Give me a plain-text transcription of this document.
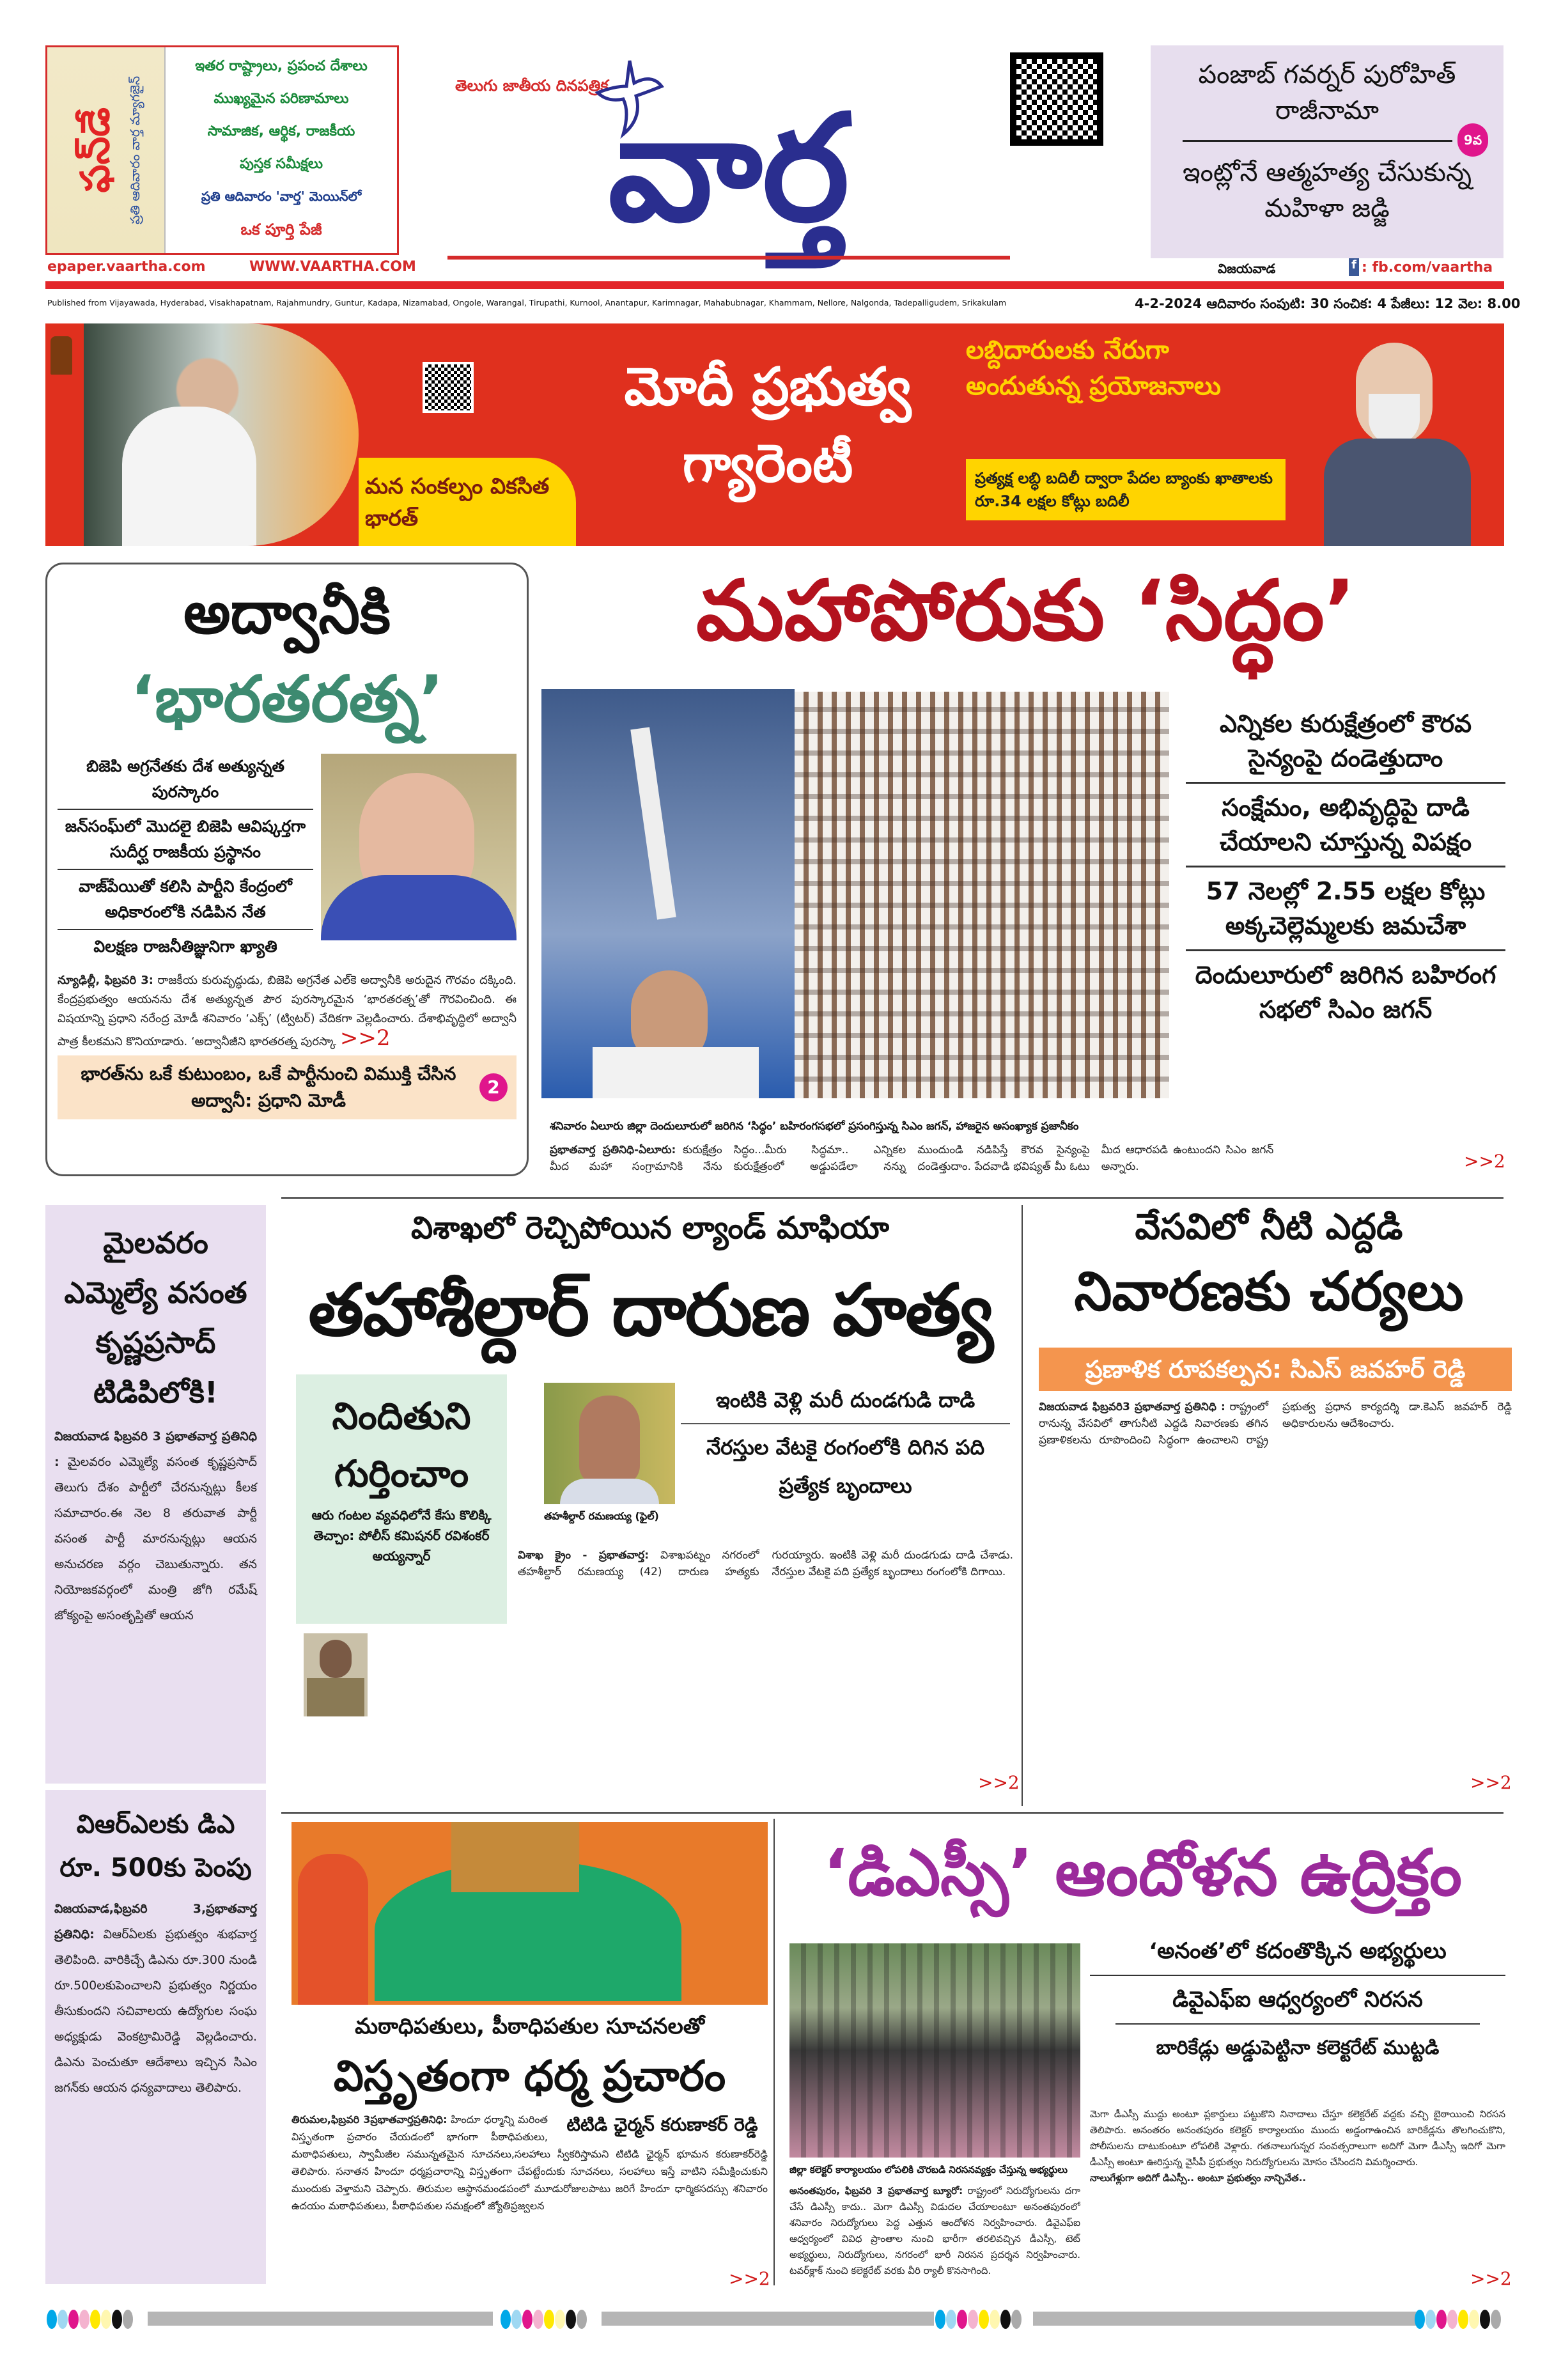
ఫన్‌డే ప్రతి ఆదివారం వార్త మ్యాగజైన్
ఇతర రాష్ట్రాలు, ప్రపంచ దేశాలు
ముఖ్యమైన పరిణామాలు
సామాజిక, ఆర్థిక, రాజకీయ
పుస్తక సమీక్షలు
ప్రతి ఆదివారం 'వార్త' మెయిన్‌లో
ఒక పూర్తి పేజీ
epaper.vaartha.com	WWW.VAARTHA.COM
తెలుగు జాతీయ దినపత్రిక వార్త
పంజాబ్ గవర్నర్ పురోహిత్ రాజీనామా
9వ
ఇంట్లోనే ఆత్మహత్య చేసుకున్న మహిళా జడ్జి
విజయవాడ	f : fb.com/vaartha
Published from Vijayawada, Hyderabad, Visakhapatnam, Rajahmundry, Guntur, Kadapa, Nizamabad, Ongole, Warangal, Tirupathi, Kurnool, Anantapur, Karimnagar, Mahabubnagar, Khammam, Nellore, Nalgonda, Tadepalligudem, Srikakulam	4-2-2024 ఆదివారం సంపుటి: 30 సంచిక: 4 పేజీలు: 12 వెల: 8.00
మన సంకల్పం వికసిత భారత్
మోదీ ప్రభుత్వ గ్యారెంటీ
లబ్దిదారులకు నేరుగా అందుతున్న ప్రయోజనాలు
ప్రత్యక్ష లబ్ధి బదిలీ ద్వారా పేదల బ్యాంకు ఖాతాలకు రూ.34 లక్షల కోట్లు బదిలీ
అద్వానీకి
‘భారతరత్న’
బిజెపి అగ్రనేతకు దేశ అత్యున్నత పురస్కారం
జన్‌సంఘ్‌లో మొదలై బిజెపి ఆవిష్కర్తగా సుదీర్ఘ రాజకీయ ప్రస్థానం
వాజ్‌పేయితో కలిసి పార్టీని కేంద్రంలో అధికారంలోకి నడిపిన నేత
విలక్షణ రాజనీతిజ్ఞునిగా ఖ్యాతి
న్యూఢిల్లీ, ఫిబ్రవరి 3: రాజకీయ కురువృద్ధుడు, బిజెపి అగ్రనేత ఎల్‌కె అద్వానీకి అరుదైన గౌరవం దక్కింది. కేంద్రప్రభుత్వం ఆయనను దేశ అత్యున్నత పౌర పురస్కారమైన ‘భారతరత్న’తో గౌరవించింది. ఈ విషయాన్ని ప్రధాని నరేంద్ర మోడీ శనివారం ‘ఎక్స్’ (ట్విటర్) వేదికగా వెల్లడించారు. దేశాభివృద్ధిలో అద్వానీ పాత్ర కీలకమని కొనియాడారు. ‘అద్వానీజీని భారతరత్న పురస్కా >>2
భారత్‌ను ఒకే కుటుంబం, ఒకే పార్టీనుంచి విముక్తి చేసిన అద్వానీ: ప్రధాని మోడీ
2
మహాపోరుకు ‘సిద్ధం’
శనివారం ఏలూరు జిల్లా దెందులూరులో జరిగిన ‘సిద్ధం’ బహిరంగసభలో ప్రసంగిస్తున్న సిఎం జగన్, హాజరైన అసంఖ్యాక ప్రజానీకం
ఎన్నికల కురుక్షేత్రంలో కౌరవ సైన్యంపై దండెత్తుదాం
సంక్షేమం, అభివృద్ధిపై దాడి చేయాలని చూస్తున్న విపక్షం
57 నెలల్లో 2.55 లక్షల కోట్లు అక్కచెల్లెమ్మలకు జమచేశా
దెందులూరులో జరిగిన బహిరంగ సభలో సిఎం జగన్
ప్రభాతవార్త ప్రతినిధి-ఏలూరు: కురుక్షేత్రం మీద మహా సంగ్రామానికి నేను సిద్ధం...మీరు సిద్ధమా.. ఎన్నికల కురుక్షేత్రంలో అడ్డుపడేలా నన్ను ముందుండి నడిపిస్తే కౌరవ సైన్యంపై దండెత్తుదాం. పేదవాడి భవిష్యత్ మీ ఓటు మీద ఆధారపడి ఉంటుందని సిఎం జగన్ అన్నారు.	>>2
మైలవరం ఎమ్మెల్యే వసంత కృష్ణప్రసాద్ టిడిపిలోకి!
విజయవాడ ఫిబ్రవరి 3 ప్రభాతవార్త ప్రతినిధి : మైలవరం ఎమ్మెల్యే వసంత కృష్ణప్రసాద్ తెలుగు దేశం పార్టీలో చేరనున్నట్లు కీలక సమాచారం.ఈ నెల 8 తరువాత పార్టీ వసంత పార్టీ మారనున్నట్లు ఆయన అనుచరణ వర్గం చెబుతున్నారు. తన నియోజకవర్గంలో మంత్రి జోగి రమేష్ జోక్యంపై అసంతృప్తితో ఆయన
విశాఖలో రెచ్చిపోయిన ల్యాండ్ మాఫియా
తహాశీల్దార్ దారుణ హత్య
నిందితుని గుర్తించాం
ఆరు గంటల వ్యవధిలోనే కేసు కొలిక్కి తెచ్చాం: పోలీస్ కమిషనర్ రవిశంకర్ అయ్యన్నార్
తహశీల్దార్ రమణయ్య (ఫైల్)
ఇంటికి వెళ్లి మరీ దుండగుడి దాడి
నేరస్తుల వేటకై రంగంలోకి దిగిన పది ప్రత్యేక బృందాలు
విశాఖ క్రైం - ప్రభాతవార్త: విశాఖపట్నం నగరంలో తహశీల్దార్ రమణయ్య (42) దారుణ హత్యకు గురయ్యారు. ఇంటికి వెళ్లి మరీ దుండగుడు దాడి చేశాడు. నేరస్తుల వేటకై పది ప్రత్యేక బృందాలు రంగంలోకి దిగాయి.
>>2
వేసవిలో నీటి ఎద్దడి
నివారణకు చర్యలు
ప్రణాళిక రూపకల్పన: సిఎస్ జవహర్ రెడ్డి
విజయవాడ ఫిబ్రవరి3 ప్రభాతవార్త ప్రతినిధి : రాష్ట్రంలో రానున్న వేసవిలో తాగునీటి ఎద్దడి నివారణకు తగిన ప్రణాళికలను రూపొందించి సిద్ధంగా ఉంచాలని రాష్ట్ర ప్రభుత్వ ప్రధాన కార్యదర్శి డా.కెఎస్ జవహర్ రెడ్డి అధికారులను ఆదేశించారు.
>>2
విఆర్ఎలకు డిఎ రూ. 500కు పెంపు
విజయవాడ,ఫిబ్రవరి 3,ప్రభాతవార్త ప్రతినిధి: విఆర్ఏలకు ప్రభుత్వం శుభవార్త తెలిపింది. వారికిచ్చే డిఎను రూ.300 నుండి రూ.500లకుపెంచాలని ప్రభుత్వం నిర్ణయం తీసుకుందని సచివాలయ ఉద్యోగుల సంఘ అధ్యక్షుడు వెంకట్రామిరెడ్డి వెల్లడించారు. డిఎను పెంచుతూ ఆదేశాలు ఇచ్చిన సిఎం జగన్‌కు ఆయన ధన్యవాదాలు తెలిపారు.
మఠాధిపతులు, పీఠాధిపతుల సూచనలతో
విస్తృతంగా ధర్మ ప్రచారం
టిటిడి ఛైర్మన్ కరుణాకర్ రెడ్డి
తిరుమల,ఫిబ్రవరి 3ప్రభాతవార్తప్రతినిధి: హిందూ ధర్మాన్ని మరింత విస్తృతంగా ప్రచారం చేయడంలో భాగంగా పీఠాధిపతులు, మఠాధిపతులు, స్వామీజీల సమున్నతమైన సూచనలు,సలహాలు స్వీకరిస్తామని టిటిడి ఛైర్మన్ భూమన కరుణాకర్‌రెడ్డి తెలిపారు. సనాతన హిందూ ధర్మప్రచారాన్ని విస్తృతంగా చేపట్టేందుకు సూచనలు, సలహాలు ఇస్తే వాటిని సమీక్షించుకుని ముందుకు వెళ్తామని చెప్పారు. తిరుమల ఆస్థానమండపంలో మూడురోజులపాటు జరిగే హిందూ ధార్మికసదస్సు శనివారం ఉదయం మఠాధిపతులు, పీఠాధిపతుల సమక్షంలో జ్యోతిప్రజ్వలన
>>2
‘డిఎస్సీ’ ఆందోళన ఉద్రిక్తం
జిల్లా కలెక్టర్ కార్యాలయం లోపలికి చొరబడి నిరసనవ్యక్తం చేస్తున్న అభ్యర్థులు
‘అనంత’లో కదంతొక్కిన అభ్యర్థులు
డివైఎఫ్ఐ ఆధ్వర్యంలో నిరసన
బారికేడ్లు అడ్డుపెట్టినా కలెక్టరేట్ ముట్టడి
అనంతపురం, ఫిబ్రవరి 3 ప్రభాతవార్త బ్యూరో: రాష్ట్రంలో నిరుద్యోగులను దగా చేసే డిఎస్సీ కాదు.. మెగా డిఎస్సీ విడుదల చేయాలంటూ అనంతపురంలో శనివారం నిరుద్యోగులు పెద్ద ఎత్తున ఆందోళన నిర్వహించారు. డివైఎఫ్ఐ ఆధ్వర్యంలో వివిధ ప్రాంతాల నుంచి భారీగా తరలివచ్చిన డీఎస్సీ, టెట్ అభ్యర్థులు, నిరుద్యోగులు, నగరంలో భారీ నిరసన ప్రదర్శన నిర్వహించారు. టవర్‌క్లాక్ నుంచి కలెక్టరేట్ వరకు వీరి ర్యాలీ కొనసాగింది.
మెగా డీఎస్సీ ముద్దు అంటూ ప్లకార్డులు పట్టుకొని నినాదాలు చేస్తూ కలెక్టరేట్ వద్దకు వచ్చి బైఠాయించి నిరసన తెలిపారు. అనంతరం అనంతపురం కలెక్టర్ కార్యాలయం ముందు అడ్డంగాఉంచిన బారికేడ్లను తొలగించుకొని, పోలీసులను దాటుకుంటూ లోపలికి వెళ్లారు. గతనాలుగున్నర సంవత్సరాలుగా అదిగో మెగా డీఎస్సీ ఇదిగో మెగా డీఎస్సీ అంటూ ఊరిస్తున్న వైసీపీ ప్రభుత్వం నిరుద్యోగులను మోసం చేసిందని విమర్శించారు.
నాలుగేళ్లుగా అదిగో డిఎస్సీ.. అంటూ ప్రభుత్వం నాన్చివేత..
>>2
